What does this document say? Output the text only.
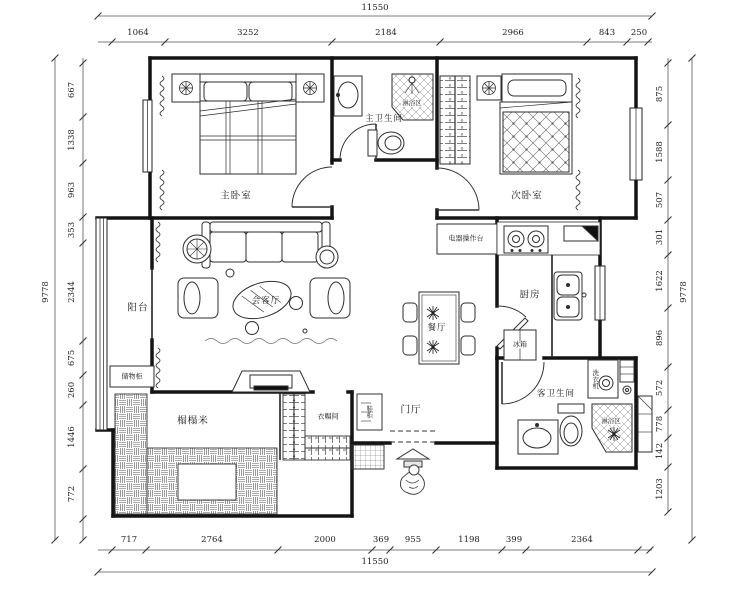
主卧室
主卫生间
次卧室
会客厅
餐厅
厨房
客卫生间
阳台
榻榻米	衣帽间
门厅
电器操作台
储物柜
鞋柜
冰箱
洗衣机
淋浴区
淋浴区
11550
1064	3252	2184	2966	843 250
11550
717	2764	2000	369 955	1198	399	2364
9778
667
1338
963
353
2344
675
260
1446
772
9778
875
1588
507
301
1622
896
572
778
142
1203
